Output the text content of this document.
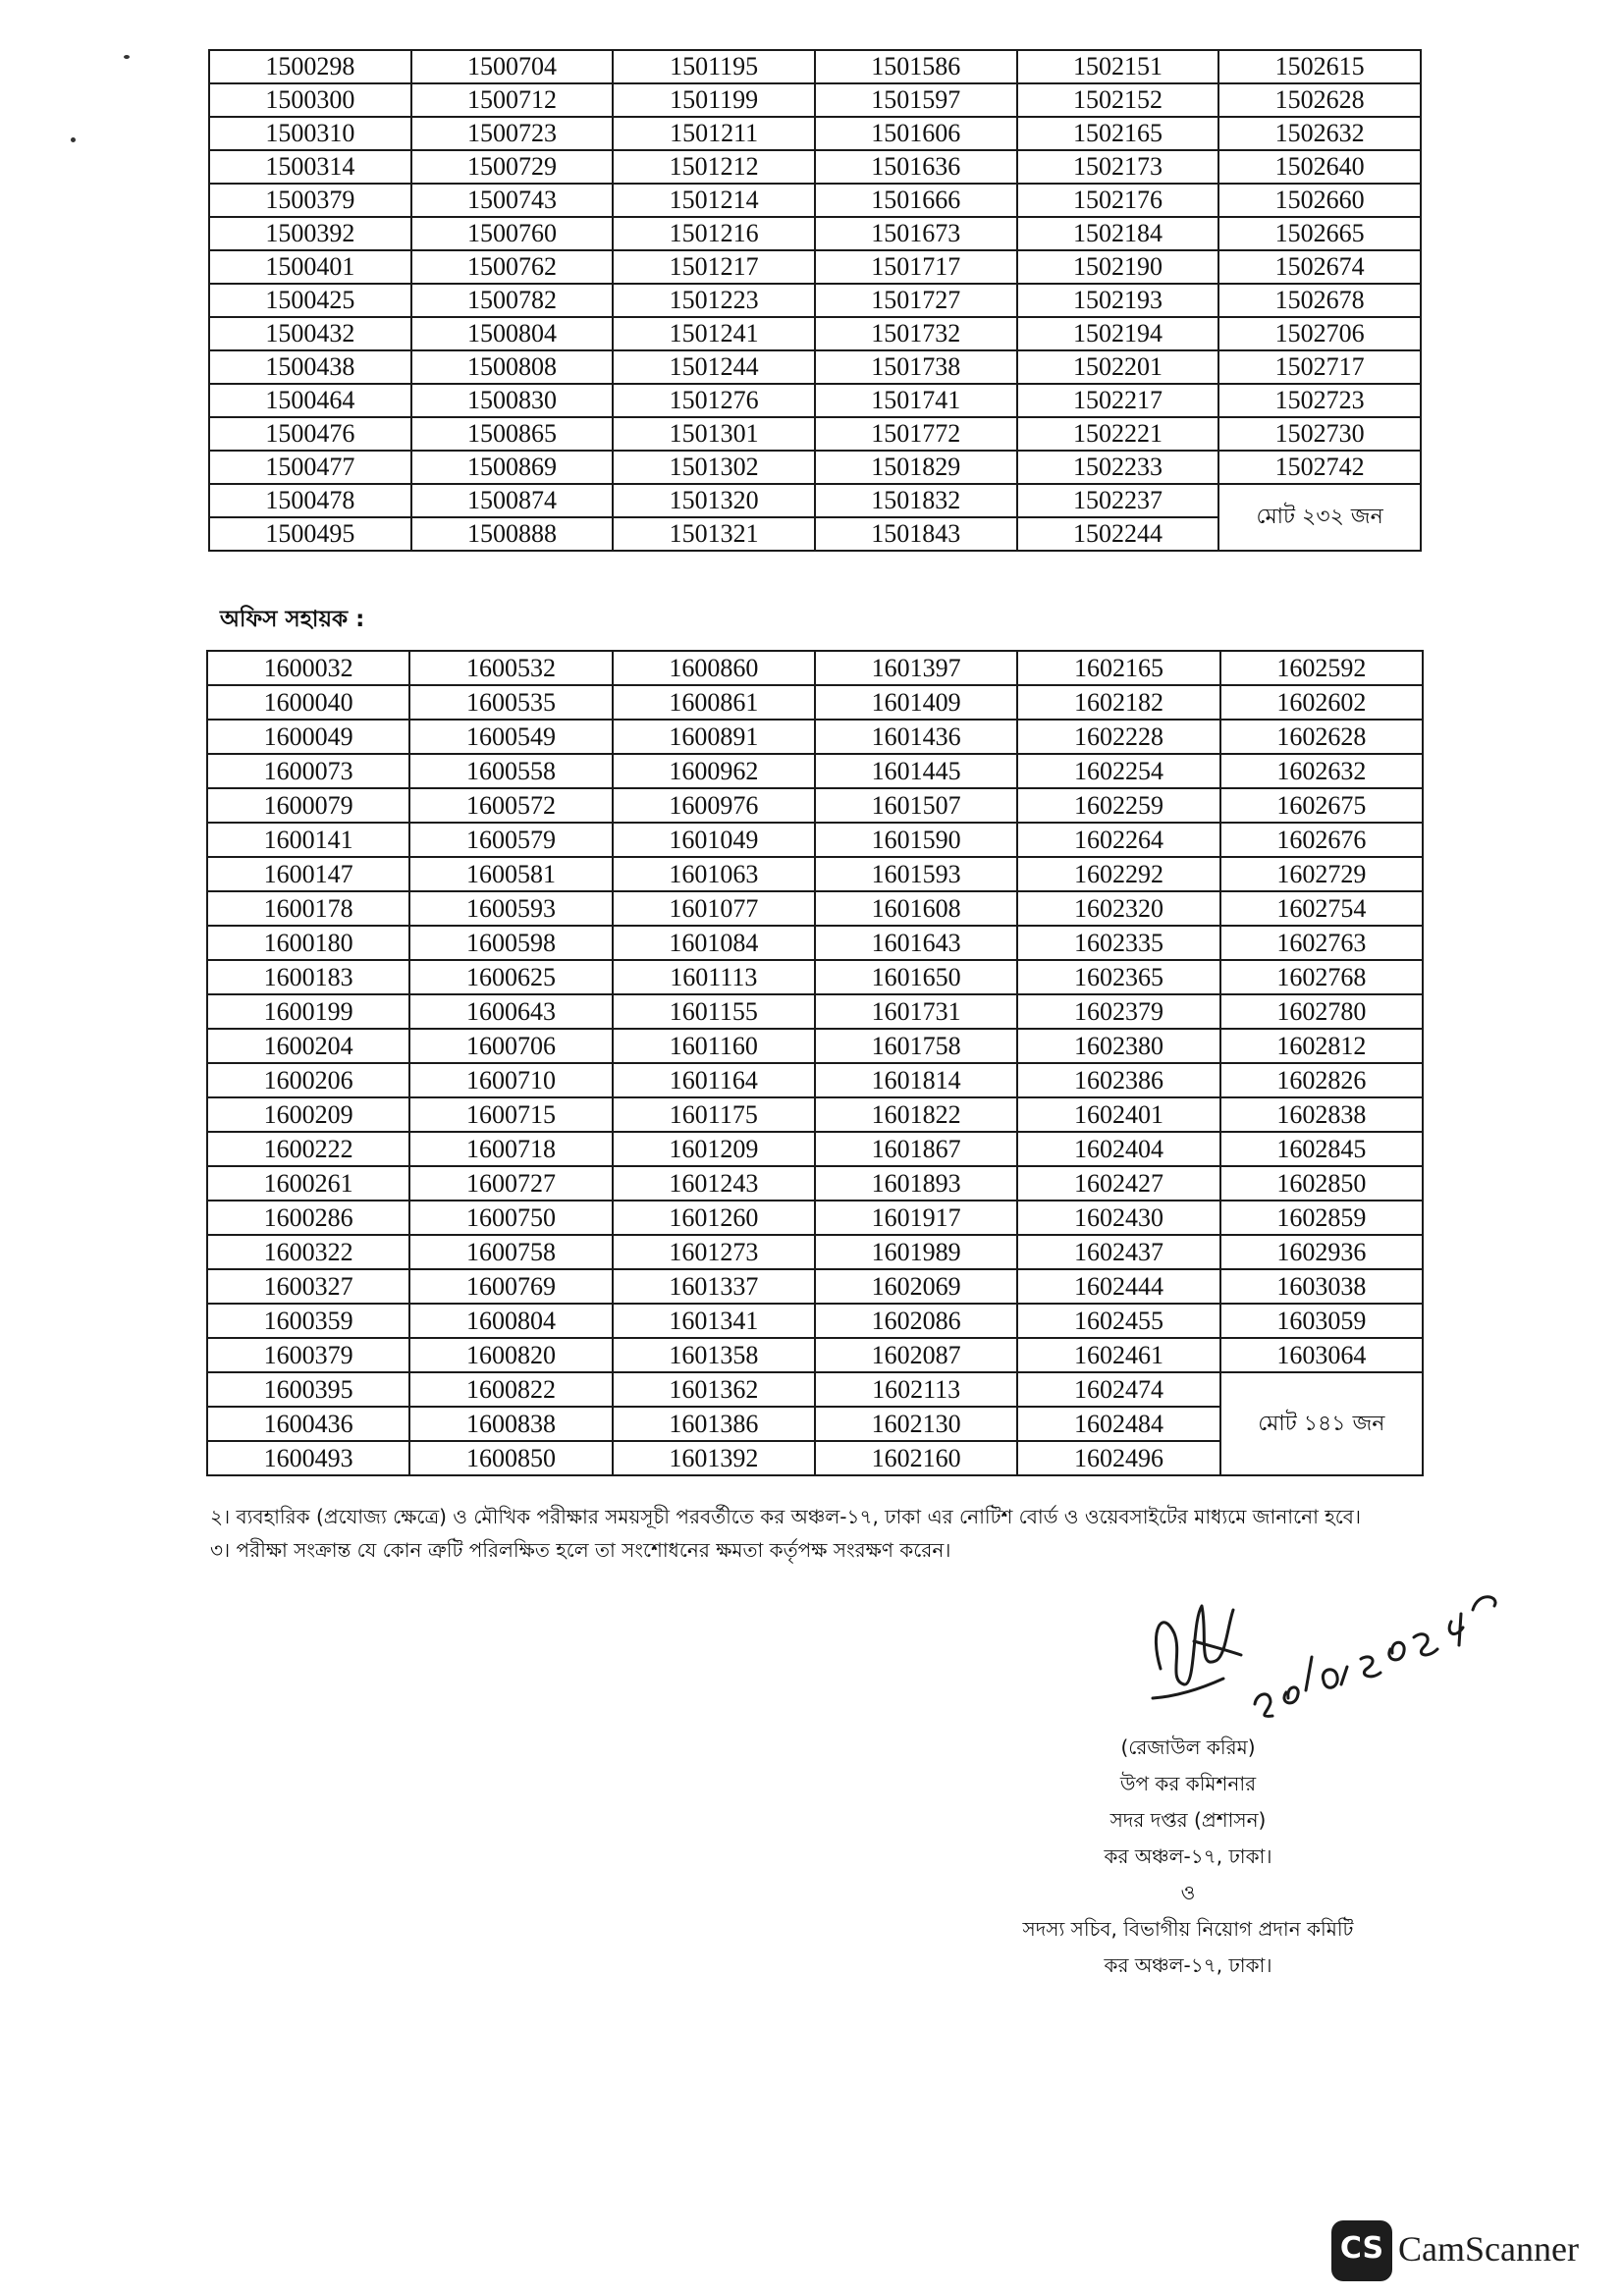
1500298	1500704	1501195	1501586	1502151	1502615
1500300	1500712	1501199	1501597	1502152	1502628
1500310	1500723	1501211	1501606	1502165	1502632
1500314	1500729	1501212	1501636	1502173	1502640
1500379	1500743	1501214	1501666	1502176	1502660
1500392	1500760	1501216	1501673	1502184	1502665
1500401	1500762	1501217	1501717	1502190	1502674
1500425	1500782	1501223	1501727	1502193	1502678
1500432	1500804	1501241	1501732	1502194	1502706
1500438	1500808	1501244	1501738	1502201	1502717
1500464	1500830	1501276	1501741	1502217	1502723
1500476	1500865	1501301	1501772	1502221	1502730
1500477	1500869	1501302	1501829	1502233	1502742
1500478	1500874	1501320	1501832	1502237	মোট ২৩২ জন
1500495	1500888	1501321	1501843	1502244	
অফিস সহায়ক :
1600032	1600532	1600860	1601397	1602165	1602592
1600040	1600535	1600861	1601409	1602182	1602602
1600049	1600549	1600891	1601436	1602228	1602628
1600073	1600558	1600962	1601445	1602254	1602632
1600079	1600572	1600976	1601507	1602259	1602675
1600141	1600579	1601049	1601590	1602264	1602676
1600147	1600581	1601063	1601593	1602292	1602729
1600178	1600593	1601077	1601608	1602320	1602754
1600180	1600598	1601084	1601643	1602335	1602763
1600183	1600625	1601113	1601650	1602365	1602768
1600199	1600643	1601155	1601731	1602379	1602780
1600204	1600706	1601160	1601758	1602380	1602812
1600206	1600710	1601164	1601814	1602386	1602826
1600209	1600715	1601175	1601822	1602401	1602838
1600222	1600718	1601209	1601867	1602404	1602845
1600261	1600727	1601243	1601893	1602427	1602850
1600286	1600750	1601260	1601917	1602430	1602859
1600322	1600758	1601273	1601989	1602437	1602936
1600327	1600769	1601337	1602069	1602444	1603038
1600359	1600804	1601341	1602086	1602455	1603059
1600379	1600820	1601358	1602087	1602461	1603064
1600395	1600822	1601362	1602113	1602474	মোট ১৪১ জন
1600436	1600838	1601386	1602130	1602484	
1600493	1600850	1601392	1602160	1602496	

২। ব্যবহারিক (প্রযোজ্য ক্ষেত্রে) ও মৌখিক পরীক্ষার সময়সূচী পরবর্তীতে কর অঞ্চল-১৭, ঢাকা এর নোটিশ বোর্ড ও ওয়েবসাইটের মাধ্যমে জানানো হবে।

৩। পরীক্ষা সংক্রান্ত যে কোন ত্রুটি পরিলক্ষিত হলে তা সংশোধনের ক্ষমতা কর্তৃপক্ষ সংরক্ষণ করেন।

(রেজাউল করিম)
উপ কর কমিশনার
সদর দপ্তর (প্রশাসন)
কর অঞ্চল-১৭, ঢাকা।
ও
সদস্য সচিব, বিভাগীয় নিয়োগ প্রদান কমিটি
কর অঞ্চল-১৭, ঢাকা।
CS CamScanner
